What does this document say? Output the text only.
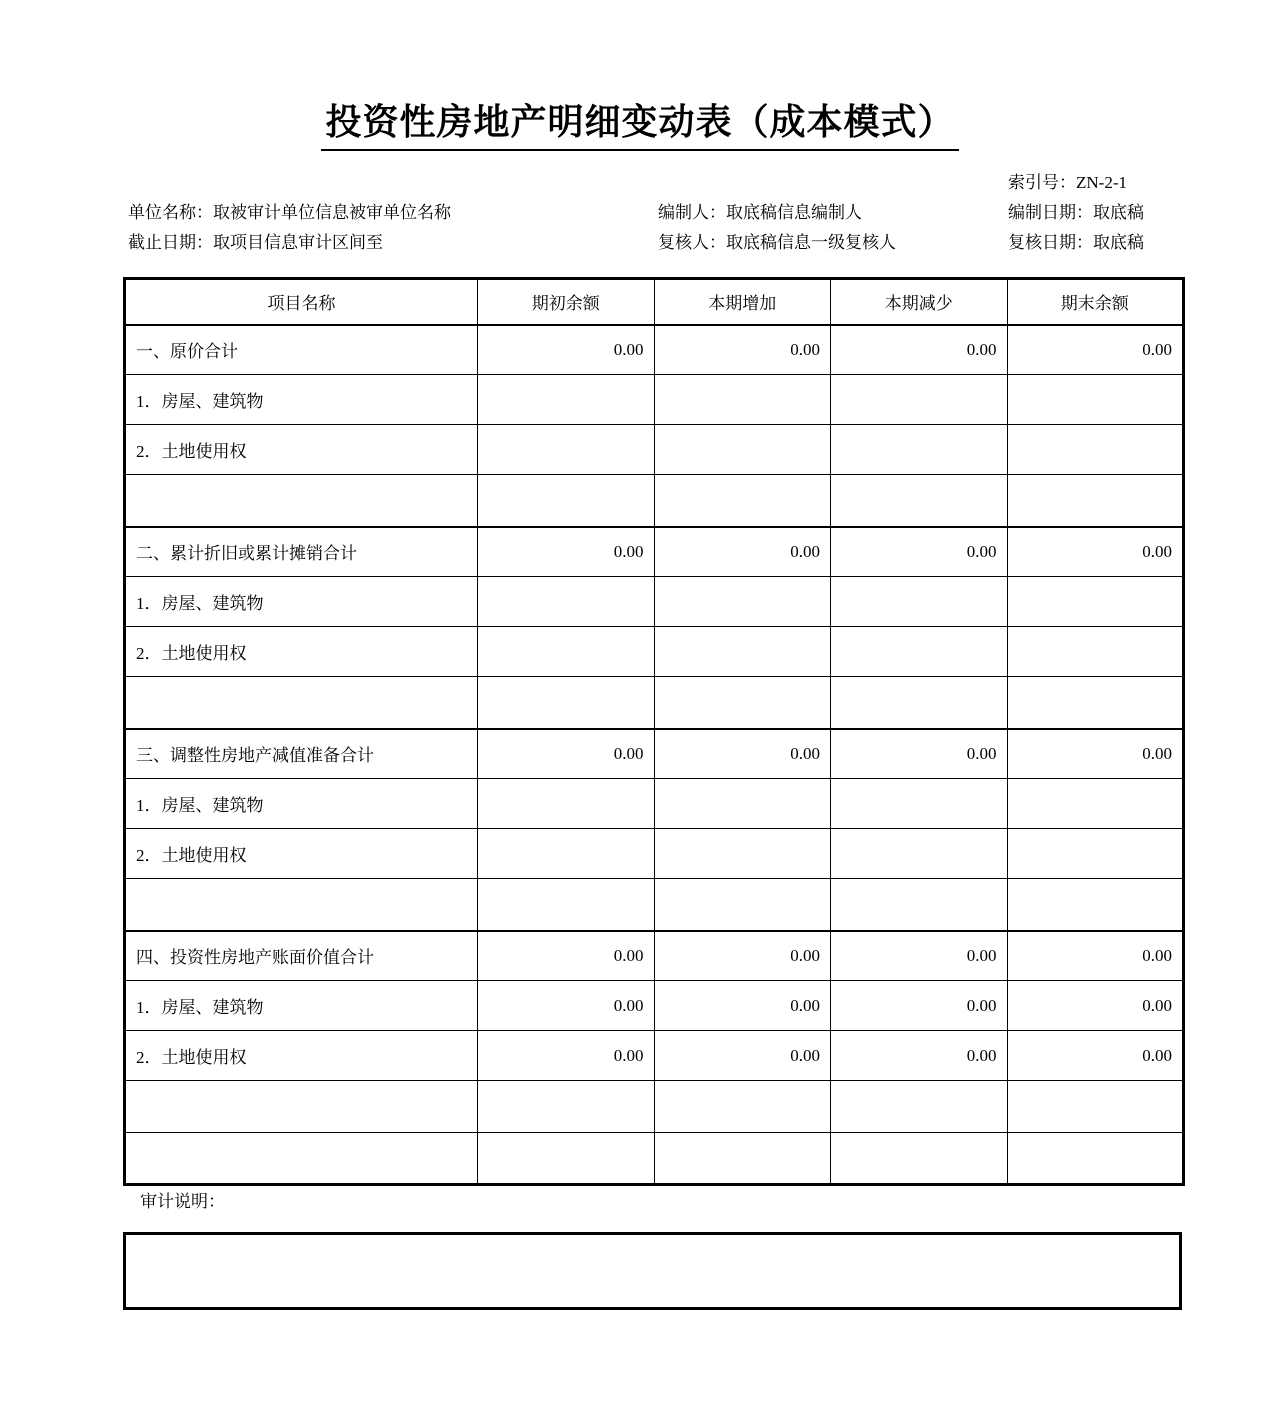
投资性房地产明细变动表（成本模式）
索引号：ZN-2-1
单位名称：取被审计单位信息被审单位名称	编制人：取底稿信息编制人	编制日期：取底稿
截止日期：取项目信息审计区间至	复核人：取底稿信息一级复核人	复核日期：取底稿
项目名称	期初余额	本期增加	本期减少	期末余额
一、原价合计	0.00	0.00	0.00	0.00
1．房屋、建筑物				
2．土地使用权				

二、累计折旧或累计摊销合计	0.00	0.00	0.00	0.00
1．房屋、建筑物				
2．土地使用权				

三、调整性房地产减值准备合计	0.00	0.00	0.00	0.00
1．房屋、建筑物				
2．土地使用权				

四、投资性房地产账面价值合计	0.00	0.00	0.00	0.00
1．房屋、建筑物	0.00	0.00	0.00	0.00
2．土地使用权	0.00	0.00	0.00	0.00

审计说明：
